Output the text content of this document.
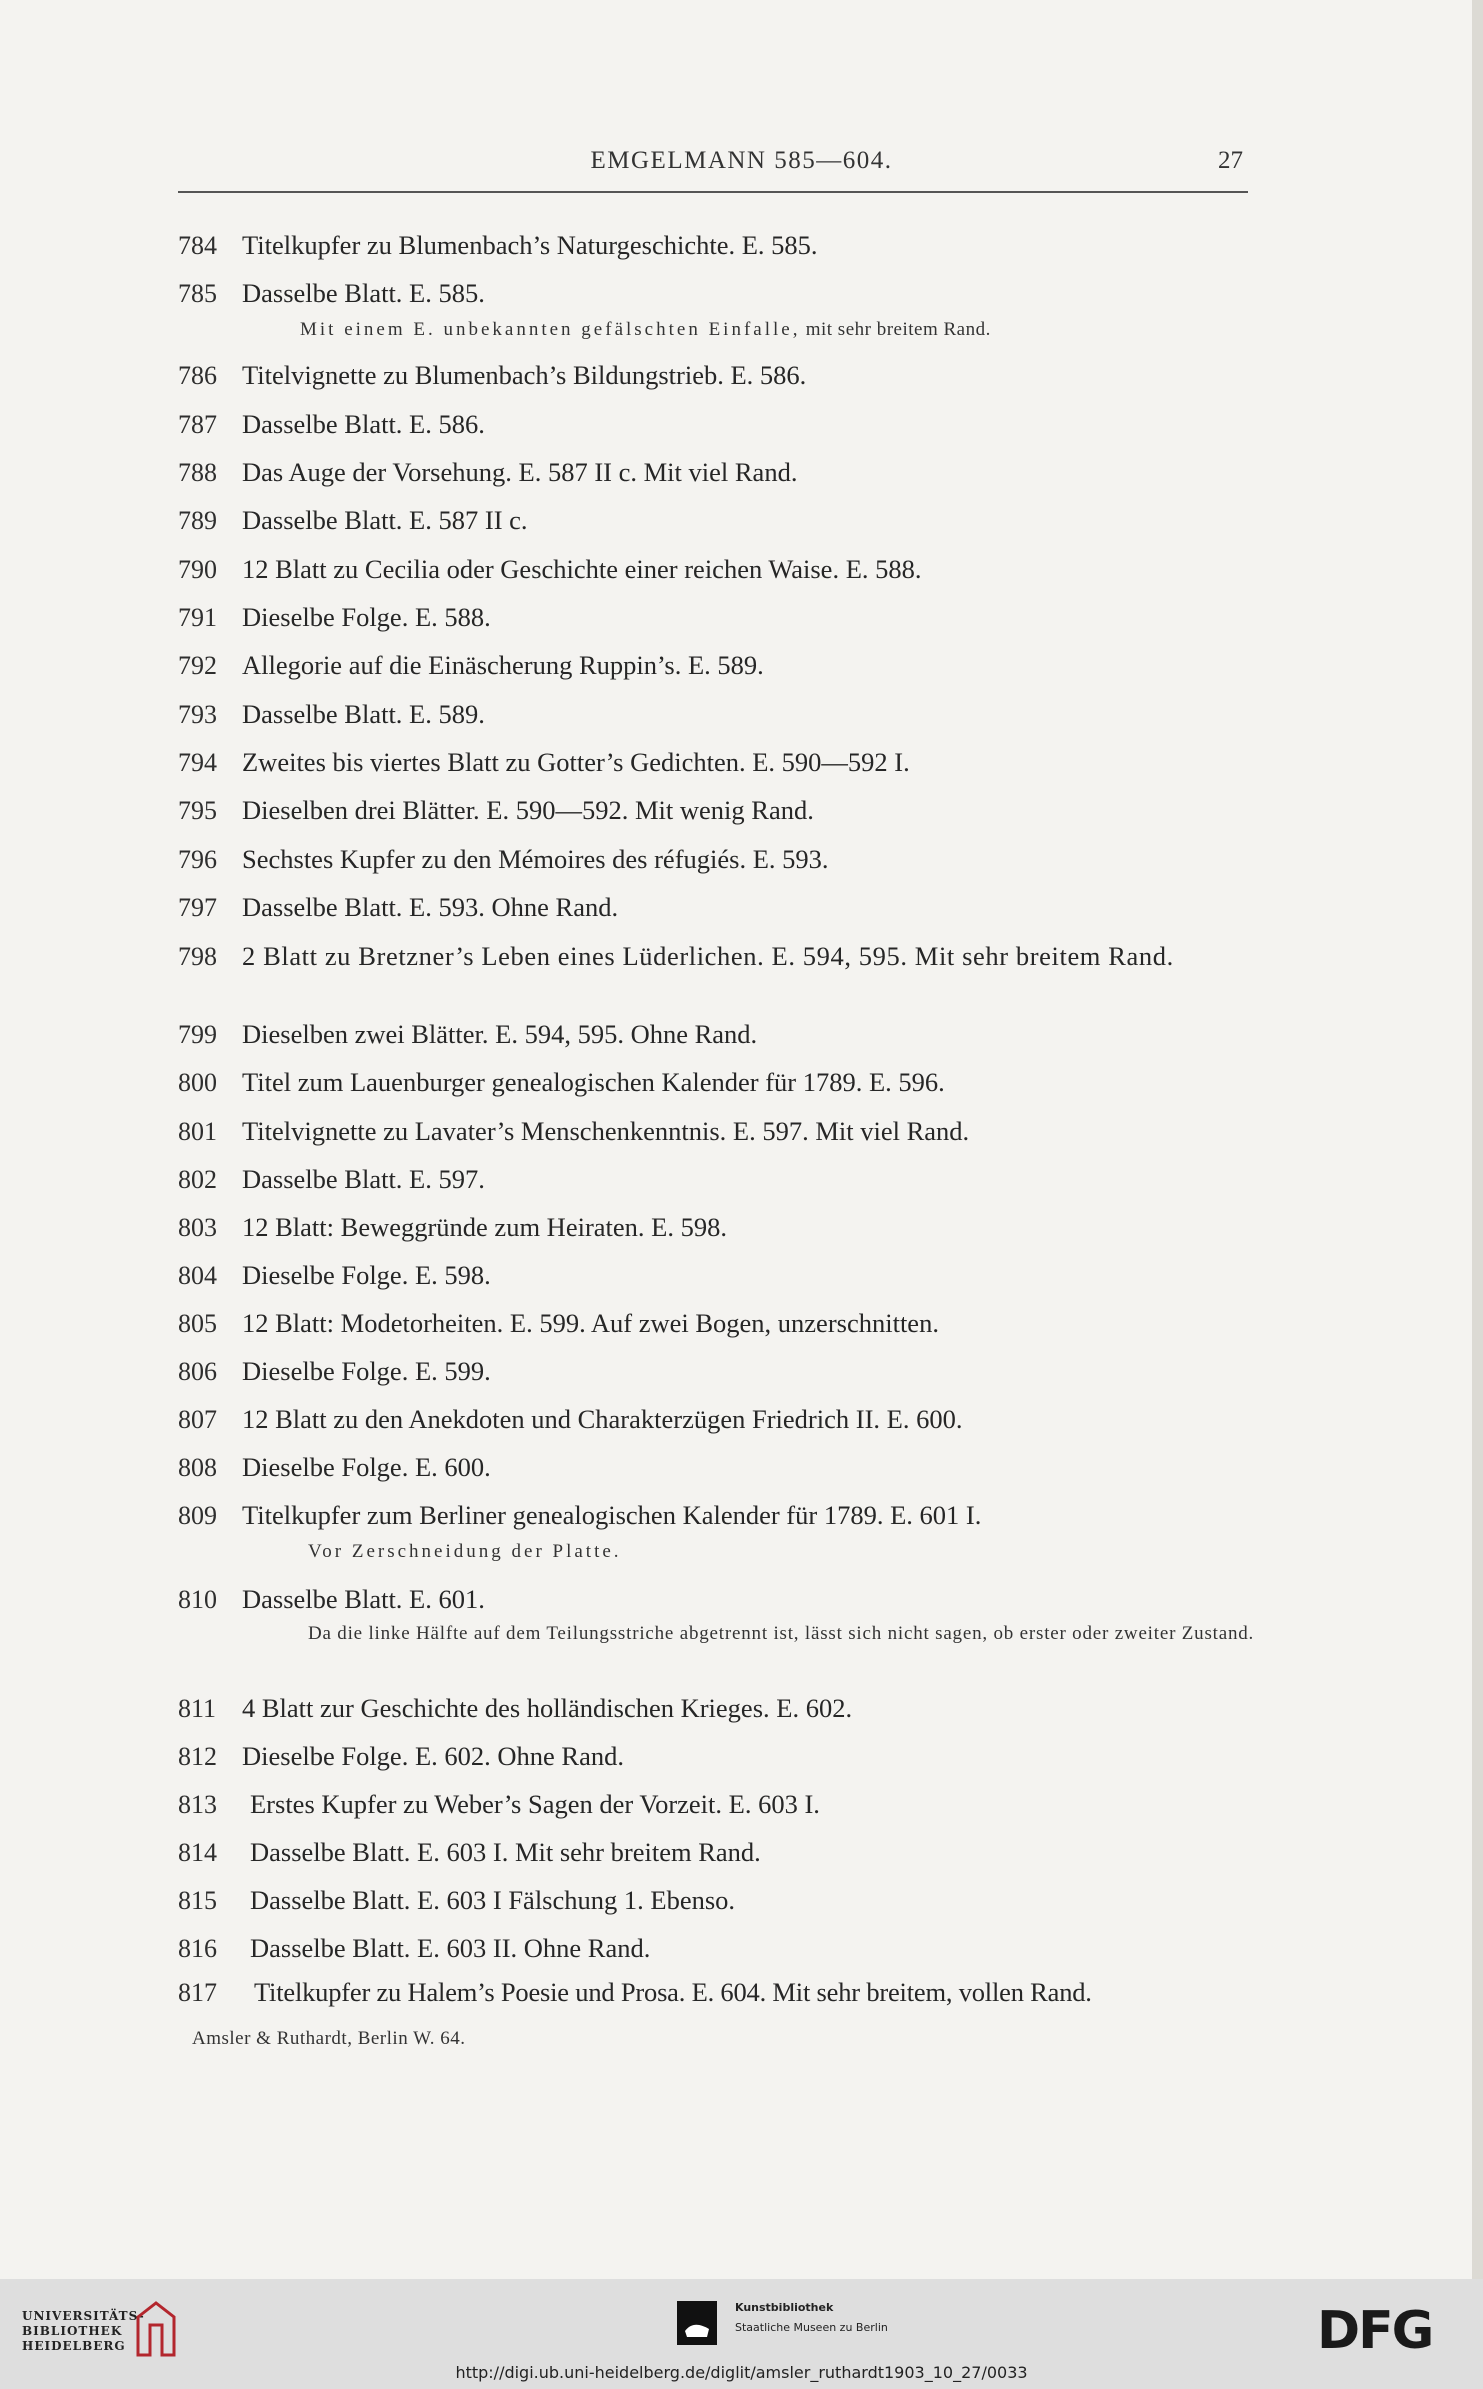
EMGELMANN 585—604.	27
784 Titelkupfer zu Blumenbach’s Naturgeschichte. E. 585.
785 Dasselbe Blatt. E. 585.
Mit einem E. unbekannten gefälschten Einfalle, mit sehr breitem Rand.
786 Titelvignette zu Blumenbach’s Bildungstrieb. E. 586.
787 Dasselbe Blatt. E. 586.
788 Das Auge der Vorsehung. E. 587 II c. Mit viel Rand.
789 Dasselbe Blatt. E. 587 II c.
790 12 Blatt zu Cecilia oder Geschichte einer reichen Waise. E. 588.
791 Dieselbe Folge. E. 588.
792 Allegorie auf die Einäscherung Ruppin’s. E. 589.
793 Dasselbe Blatt. E. 589.
794 Zweites bis viertes Blatt zu Gotter’s Gedichten. E. 590—592 I.
795 Dieselben drei Blätter. E. 590—592. Mit wenig Rand.
796 Sechstes Kupfer zu den Mémoires des réfugiés. E. 593.
797 Dasselbe Blatt. E. 593. Ohne Rand.
798 2 Blatt zu Bretzner’s Leben eines Lüderlichen. E. 594, 595. Mit sehr breitem Rand.
799 Dieselben zwei Blätter. E. 594, 595. Ohne Rand.
800 Titel zum Lauenburger genealogischen Kalender für 1789. E. 596.
801 Titelvignette zu Lavater’s Menschenkenntnis. E. 597. Mit viel Rand.
802 Dasselbe Blatt. E. 597.
803 12 Blatt: Beweggründe zum Heiraten. E. 598.
804 Dieselbe Folge. E. 598.
805 12 Blatt: Modetorheiten. E. 599. Auf zwei Bogen, unzerschnitten.
806 Dieselbe Folge. E. 599.
807 12 Blatt zu den Anekdoten und Charakterzügen Friedrich II. E. 600.
808 Dieselbe Folge. E. 600.
809 Titelkupfer zum Berliner genealogischen Kalender für 1789. E. 601 I.
Vor Zerschneidung der Platte.
810 Dasselbe Blatt. E. 601.
Da die linke Hälfte auf dem Teilungsstriche abgetrennt ist, lässt sich nicht sagen, ob erster oder zweiter Zustand.
811 4 Blatt zur Geschichte des holländischen Krieges. E. 602.
812 Dieselbe Folge. E. 602. Ohne Rand.
813 Erstes Kupfer zu Weber’s Sagen der Vorzeit. E. 603 I.
814 Dasselbe Blatt. E. 603 I. Mit sehr breitem Rand.
815 Dasselbe Blatt. E. 603 I Fälschung 1. Ebenso.
816 Dasselbe Blatt. E. 603 II. Ohne Rand.
817 Titelkupfer zu Halem’s Poesie und Prosa. E. 604. Mit sehr breitem, vollen Rand.
Amsler & Ruthardt, Berlin W. 64.
UNIVERSITÄTS-
BIBLIOTHEK
HEIDELBERG
Kunstbibliothek
Staatliche Museen zu Berlin	DFG
http://digi.ub.uni-heidelberg.de/diglit/amsler_ruthardt1903_10_27/0033
